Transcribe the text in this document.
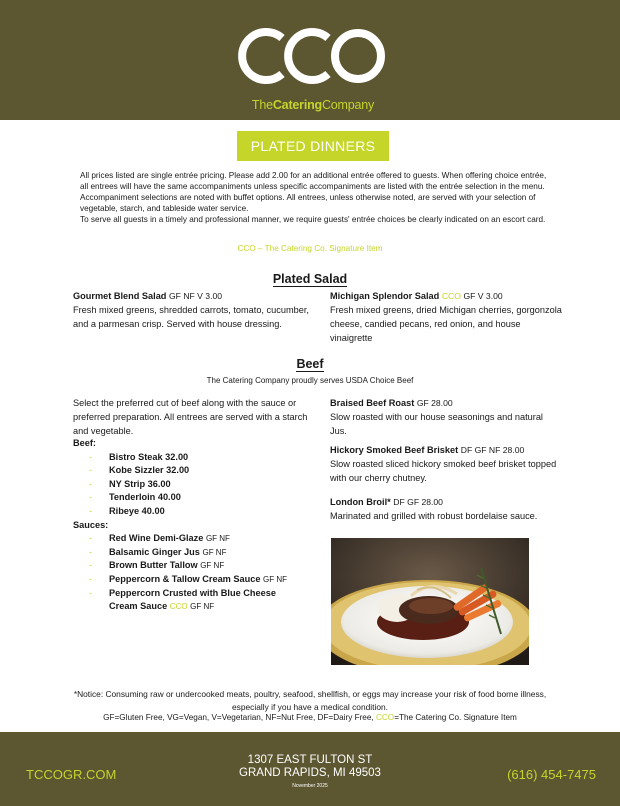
TheCateringCompany
PLATED DINNERS

All prices listed are single entrée pricing. Please add 2.00 for an additional entrée offered to guests. When offering choice entrée, all entrees will have the same accompaniments unless specific accompaniments are listed with the entrée selection in the menu. Accompaniment selections are noted with buffet options. All entrees, unless otherwise noted, are served with your selection of vegetable, starch, and tableside water service.

To serve all guests in a timely and professional manner, we require guests' entrée choices be clearly indicated on an escort card.

CCO – The Catering Co. Signature Item
Plated Salad
Gourmet Blend Salad GF NF V 3.00
Fresh mixed greens, shredded carrots, tomato, cucumber, and a parmesan crisp. Served with house dressing.
Michigan Splendor Salad CCO GF V 3.00
Fresh mixed greens, dried Michigan cherries, gorgonzola cheese, candied pecans, red onion, and house vinaigrette
Beef
The Catering Company proudly serves USDA Choice Beef
Select the preferred cut of beef along with the sauce or preferred preparation. All entrees are served with a starch and vegetable.
Beef:
- Bistro Steak 32.00
- Kobe Sizzler 32.00
- NY Strip 36.00
- Tenderloin 40.00
- Ribeye 40.00
Sauces:
- Red Wine Demi-Glaze GF NF
- Balsamic Ginger Jus GF NF
- Brown Butter Tallow GF NF
- Peppercorn & Tallow Cream Sauce GF NF
- Peppercorn Crusted with Blue Cheese Cream Sauce CCO GF NF
Braised Beef Roast GF 28.00
Slow roasted with our house seasonings and natural Jus.
Hickory Smoked Beef Brisket DF GF NF 28.00
Slow roasted sliced hickory smoked beef brisket topped with our cherry chutney.
London Broil* DF GF 28.00
Marinated and grilled with robust bordelaise sauce.
*Notice: Consuming raw or undercooked meats, poultry, seafood, shellfish, or eggs may increase your risk of food borne illness, especially if you have a medical condition.
GF=Gluten Free, VG=Vegan, V=Vegetarian, NF=Nut Free, DF=Dairy Free, CCO=The Catering Co. Signature Item
TCCOGR.COM
1307 EAST FULTON ST
GRAND RAPIDS, MI 49503
November 2025
(616) 454-7475
